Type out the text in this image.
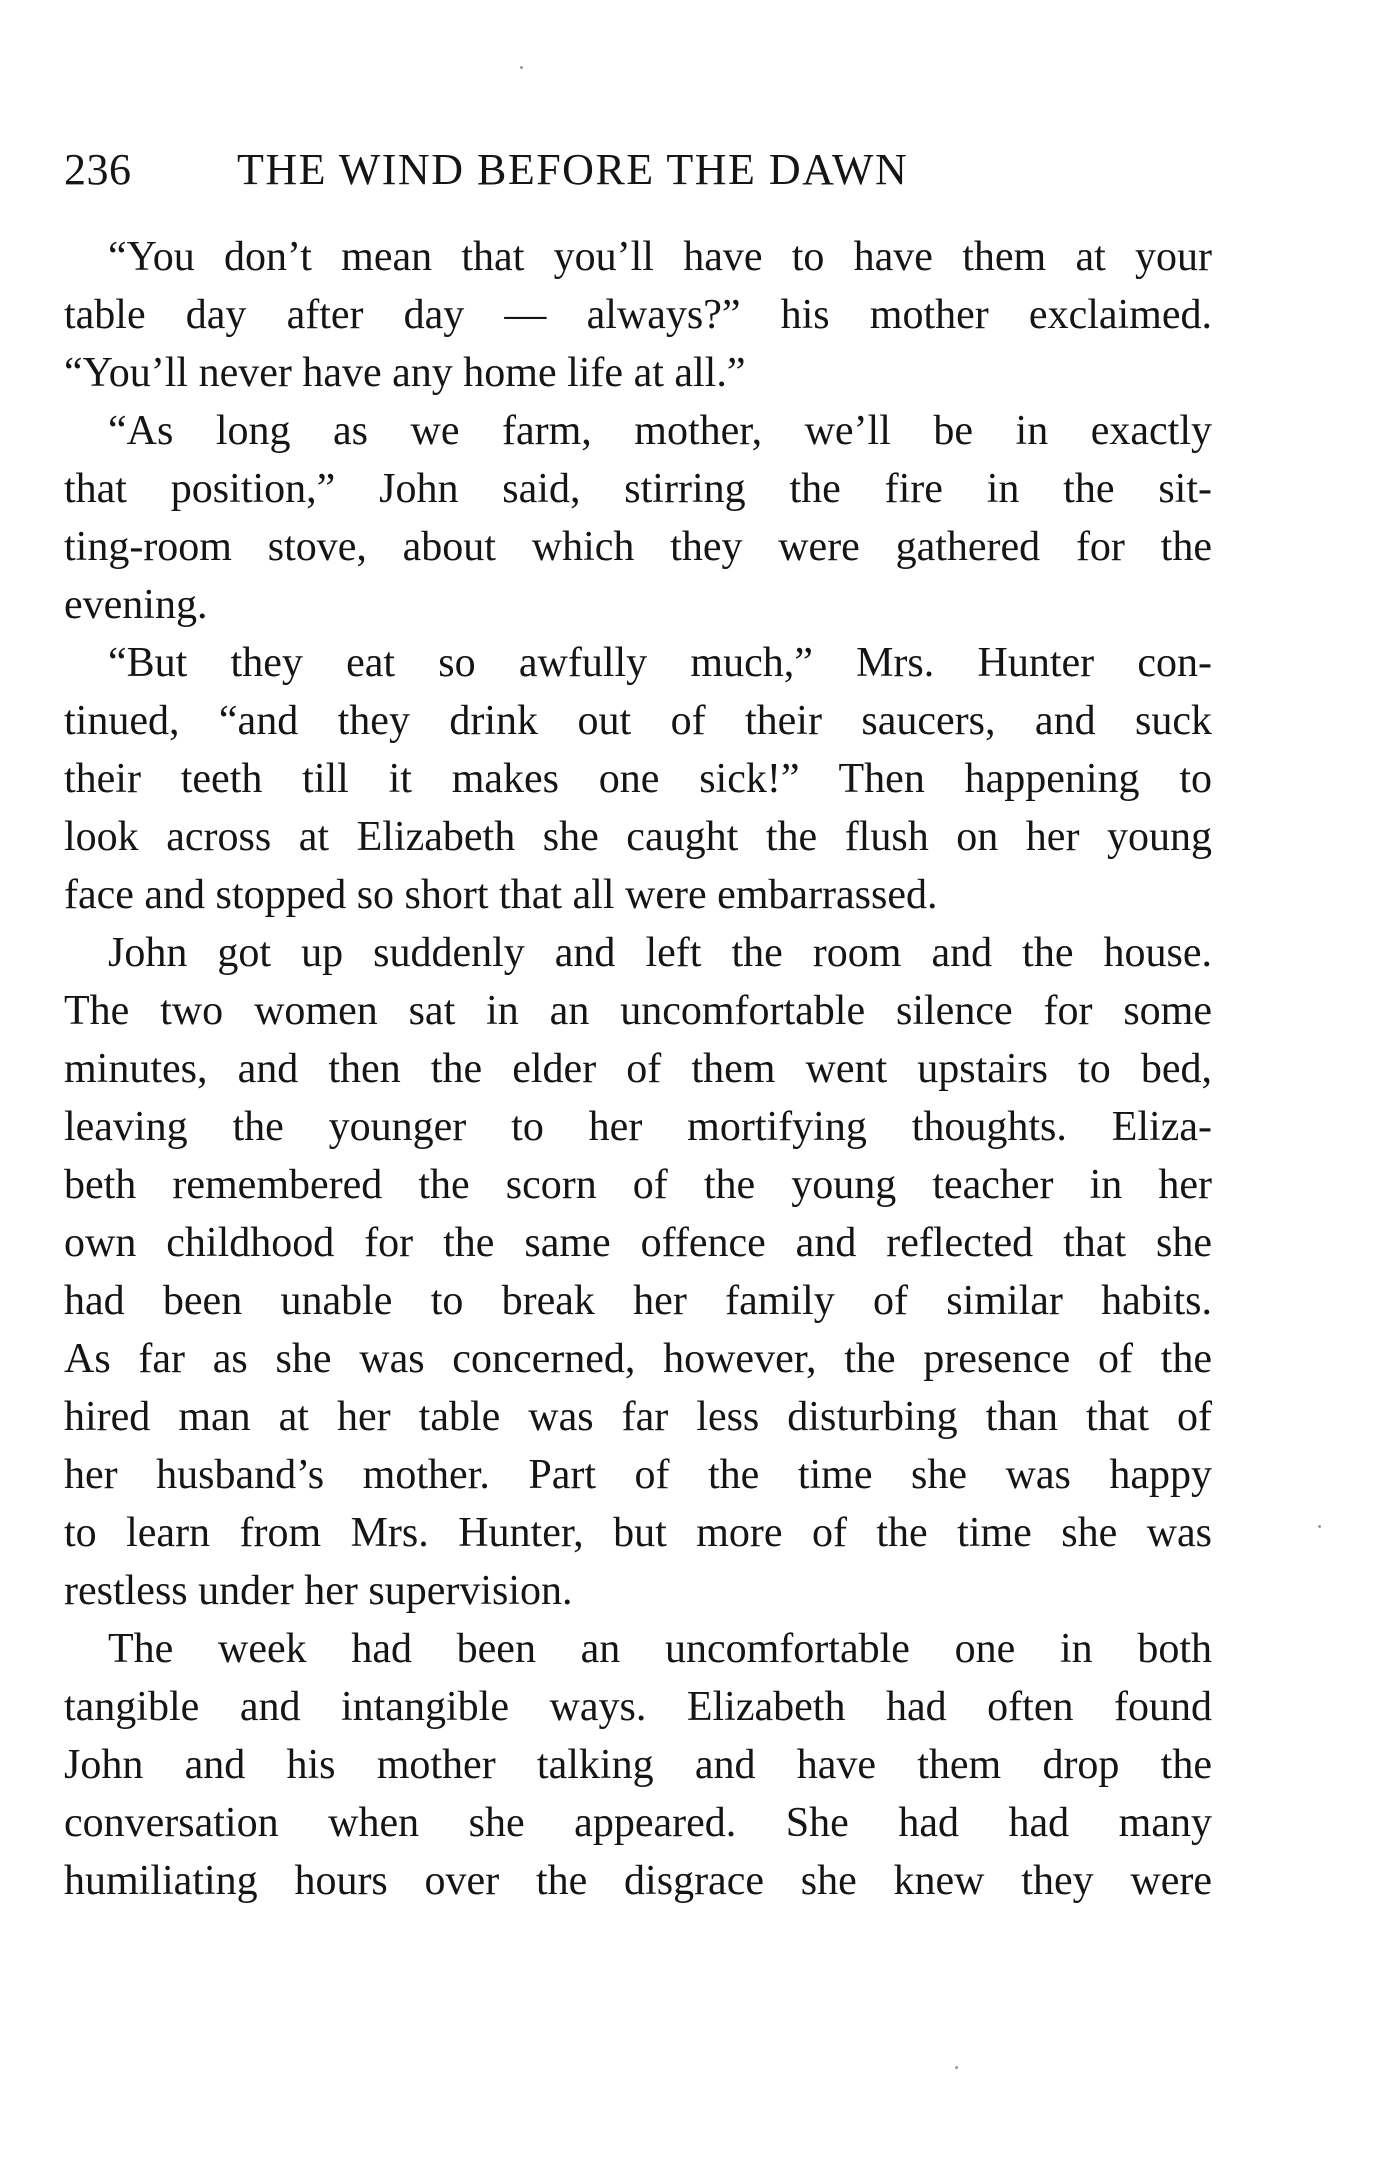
236 THE WIND BEFORE THE DAWN
“You don’t mean that you’ll have to have them at your
table day after day — always?” his mother exclaimed.
“You’ll never have any home life at all.”
“As long as we farm, mother, we’ll be in exactly
that position,” John said, stirring the fire in the sit-
ting-room stove, about which they were gathered for the
evening.
“But they eat so awfully much,” Mrs. Hunter con-
tinued, “and they drink out of their saucers, and suck
their teeth till it makes one sick!” Then happening to
look across at Elizabeth she caught the flush on her young
face and stopped so short that all were embarrassed.
John got up suddenly and left the room and the house.
The two women sat in an uncomfortable silence for some
minutes, and then the elder of them went upstairs to bed,
leaving the younger to her mortifying thoughts. Eliza-
beth remembered the scorn of the young teacher in her
own childhood for the same offence and reflected that she
had been unable to break her family of similar habits.
As far as she was concerned, however, the presence of the
hired man at her table was far less disturbing than that of
her husband’s mother. Part of the time she was happy
to learn from Mrs. Hunter, but more of the time she was
restless under her supervision.
The week had been an uncomfortable one in both
tangible and intangible ways. Elizabeth had often found
John and his mother talking and have them drop the
conversation when she appeared. She had had many
humiliating hours over the disgrace she knew they were
